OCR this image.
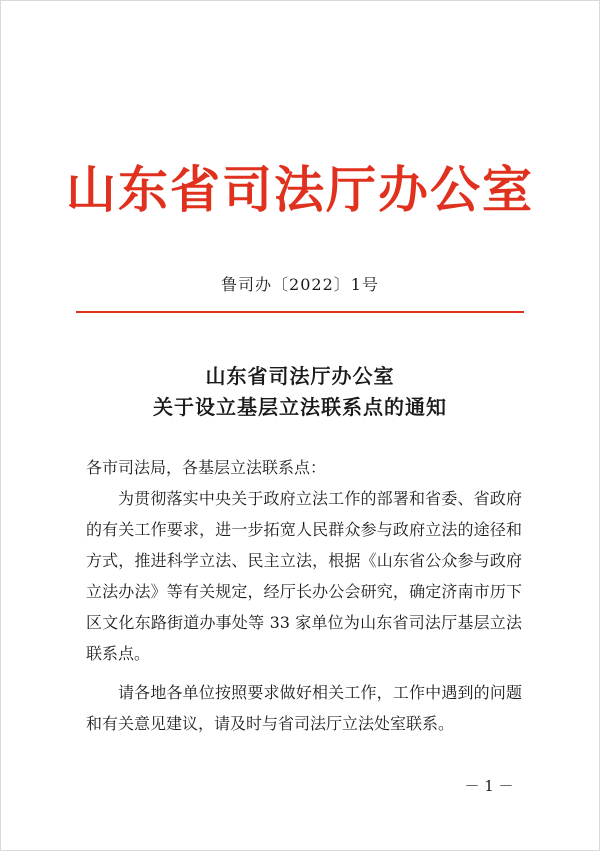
山东省司法厅办公室
鲁司办〔2022〕1号
山东省司法厅办公室
关于设立基层立法联系点的通知

各市司法局，各基层立法联系点：

为贯彻落实中央关于政府立法工作的部署和省委、省政府的有关工作要求，进一步拓宽人民群众参与政府立法的途径和方式，推进科学立法、民主立法，根据《山东省公众参与政府立法办法》等有关规定，经厅长办公会研究，确定济南市历下区文化东路街道办事处等 33 家单位为山东省司法厅基层立法联系点。

请各地各单位按照要求做好相关工作，工作中遇到的问题和有关意见建议，请及时与省司法厅立法处室联系。

－ 1 －
